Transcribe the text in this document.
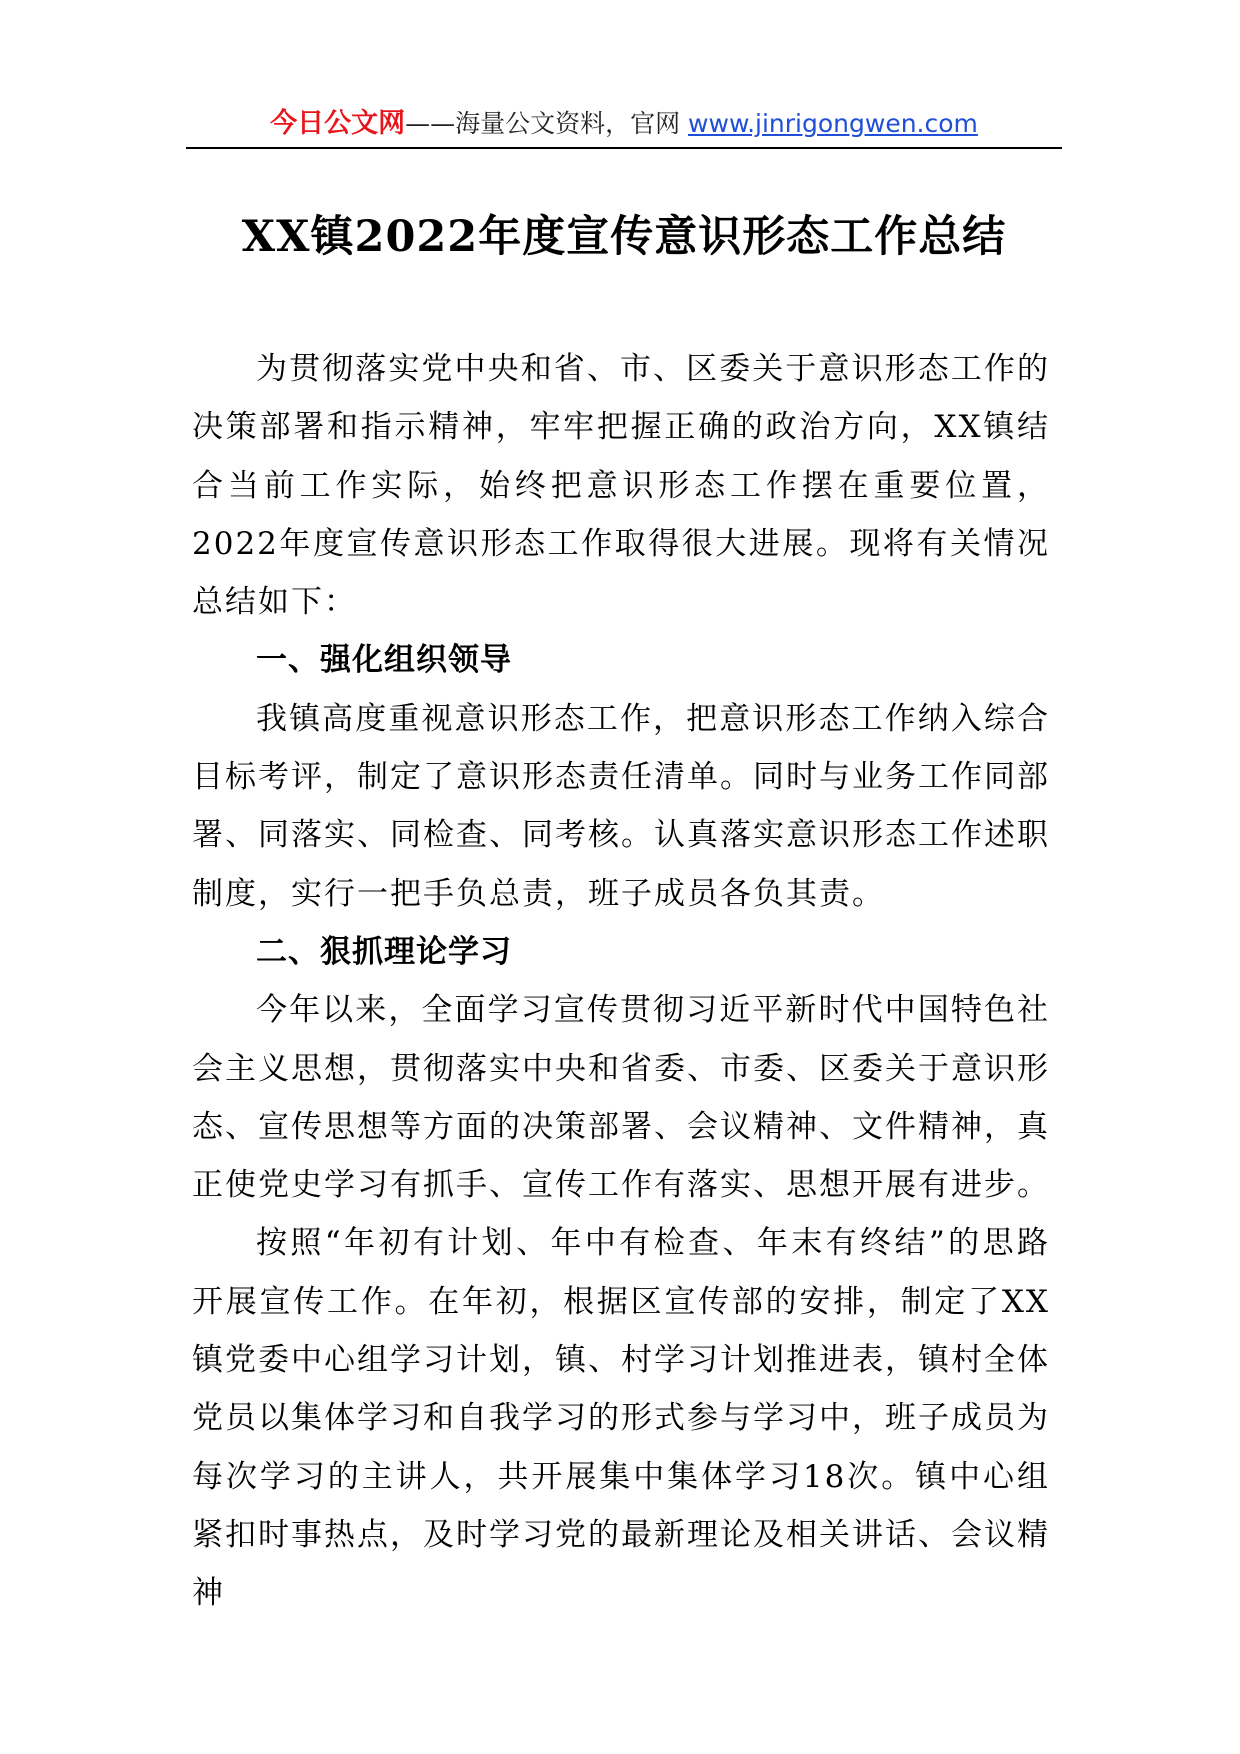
今日公文网——海量公文资料，官网 www.jinrigongwen.com
XX镇2022年度宣传意识形态工作总结

为贯彻落实党中央和省、市、区委关于意识形态工作的决策部署和指示精神，牢牢把握正确的政治方向，XX镇结合当前工作实际，始终把意识形态工作摆在重要位置，2022年度宣传意识形态工作取得很大进展。现将有关情况总结如下：

一、强化组织领导

我镇高度重视意识形态工作，把意识形态工作纳入综合目标考评，制定了意识形态责任清单。同时与业务工作同部署、同落实、同检查、同考核。认真落实意识形态工作述职制度，实行一把手负总责，班子成员各负其责。

二、狠抓理论学习

今年以来，全面学习宣传贯彻习近平新时代中国特色社会主义思想，贯彻落实中央和省委、市委、区委关于意识形态、宣传思想等方面的决策部署、会议精神、文件精神，真正使党史学习有抓手、宣传工作有落实、思想开展有进步。

按照“年初有计划、年中有检查、年末有终结”的思路开展宣传工作。在年初，根据区宣传部的安排，制定了XX镇党委中心组学习计划，镇、村学习计划推进表，镇村全体党员以集体学习和自我学习的形式参与学习中，班子成员为每次学习的主讲人，共开展集中集体学习18次。镇中心组紧扣时事热点，及时学习党的最新理论及相关讲话、会议精神
